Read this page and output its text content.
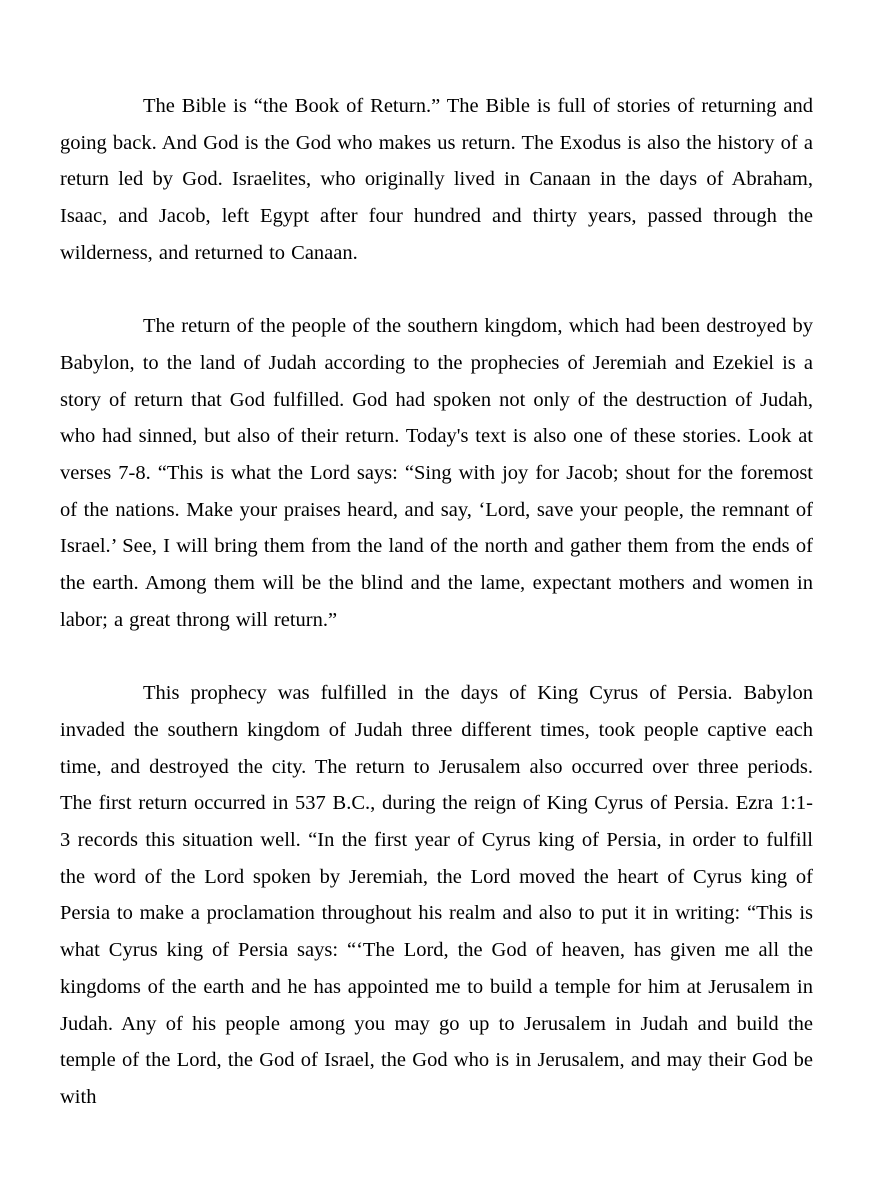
The Bible is “the Book of Return.” The Bible is full of stories of returning and going back. And God is the God who makes us return. The Exodus is also the history of a return led by God. Israelites, who originally lived in Canaan in the days of Abraham, Isaac, and Jacob, left Egypt after four hundred and thirty years, passed through the wilderness, and returned to Canaan.

The return of the people of the southern kingdom, which had been destroyed by Babylon, to the land of Judah according to the prophecies of Jeremiah and Ezekiel is a story of return that God fulfilled. God had spoken not only of the destruction of Judah, who had sinned, but also of their return. Today's text is also one of these stories. Look at verses 7-8. “This is what the Lord says: “Sing with joy for Jacob; shout for the foremost of the nations. Make your praises heard, and say, ‘Lord, save your people, the remnant of Israel.’ See, I will bring them from the land of the north and gather them from the ends of the earth. Among them will be the blind and the lame, expectant mothers and women in labor; a great throng will return.”

This prophecy was fulfilled in the days of King Cyrus of Persia. Babylon invaded the southern kingdom of Judah three different times, took people captive each time, and destroyed the city. The return to Jerusalem also occurred over three periods. The first return occurred in 537 B.C., during the reign of King Cyrus of Persia. Ezra 1:1-3 records this situation well. “In the first year of Cyrus king of Persia, in order to fulfill the word of the Lord spoken by Jeremiah, the Lord moved the heart of Cyrus king of Persia to make a proclamation throughout his realm and also to put it in writing: “This is what Cyrus king of Persia says: “‘The Lord, the God of heaven, has given me all the kingdoms of the earth and he has appointed me to build a temple for him at Jerusalem in Judah. Any of his people among you may go up to Jerusalem in Judah and build the temple of the Lord, the God of Israel, the God who is in Jerusalem, and may their God be with
